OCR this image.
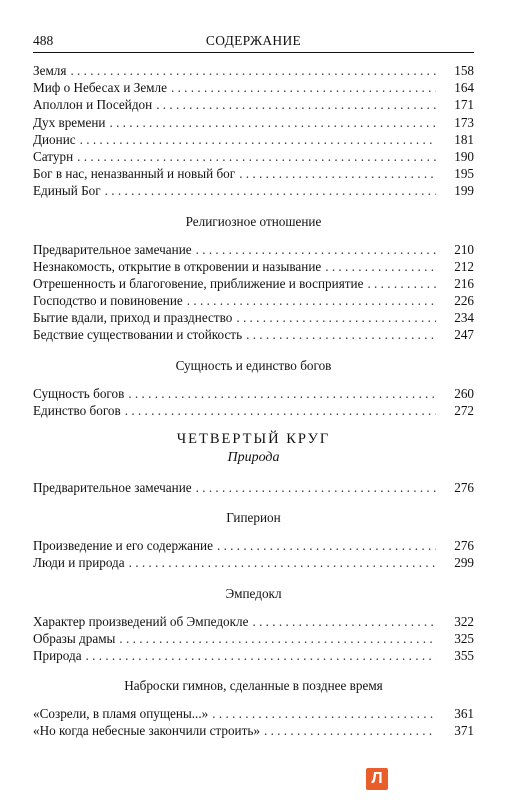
488	СОДЕРЖАНИЕ
Земля . . .	158
Миф о Небесах и Земле . . .	164
Аполлон и Посейдон . . .	171
Дух времени . . .	173
Дионис . . .	181
Сатурн . . .	190
Бог в нас, неназванный и новый бог . . .	195
Единый Бог . . .	199
Религиозное отношение
Предварительное замечание . . .	210
Незнакомость, открытие в откровении и называние . . .	212
Отрешенность и благоговение, приближение и восприятие . . .	216
Господство и повиновение . . .	226
Бытие вдали, приход и празднество . . .	234
Бедствие существовании и стойкость . . .	247
Сущность и единство богов
Сущность богов . . .	260
Единство богов . . .	272
ЧЕТВЕРТЫЙ КРУГ
Природа
Предварительное замечание . . .	276
Гиперион
Произведение и его содержание . . .	276
Люди и природа . . .	299
Эмпедокл
Характер произведений об Эмпедокле . . .	322
Образы драмы . . .	325
Природа . . .	355
Наброски гимнов, сделанные в позднее время
«Созрели, в пламя опущены...» . . .	361
«Но когда небесные закончили строить» . . .	371
Л
